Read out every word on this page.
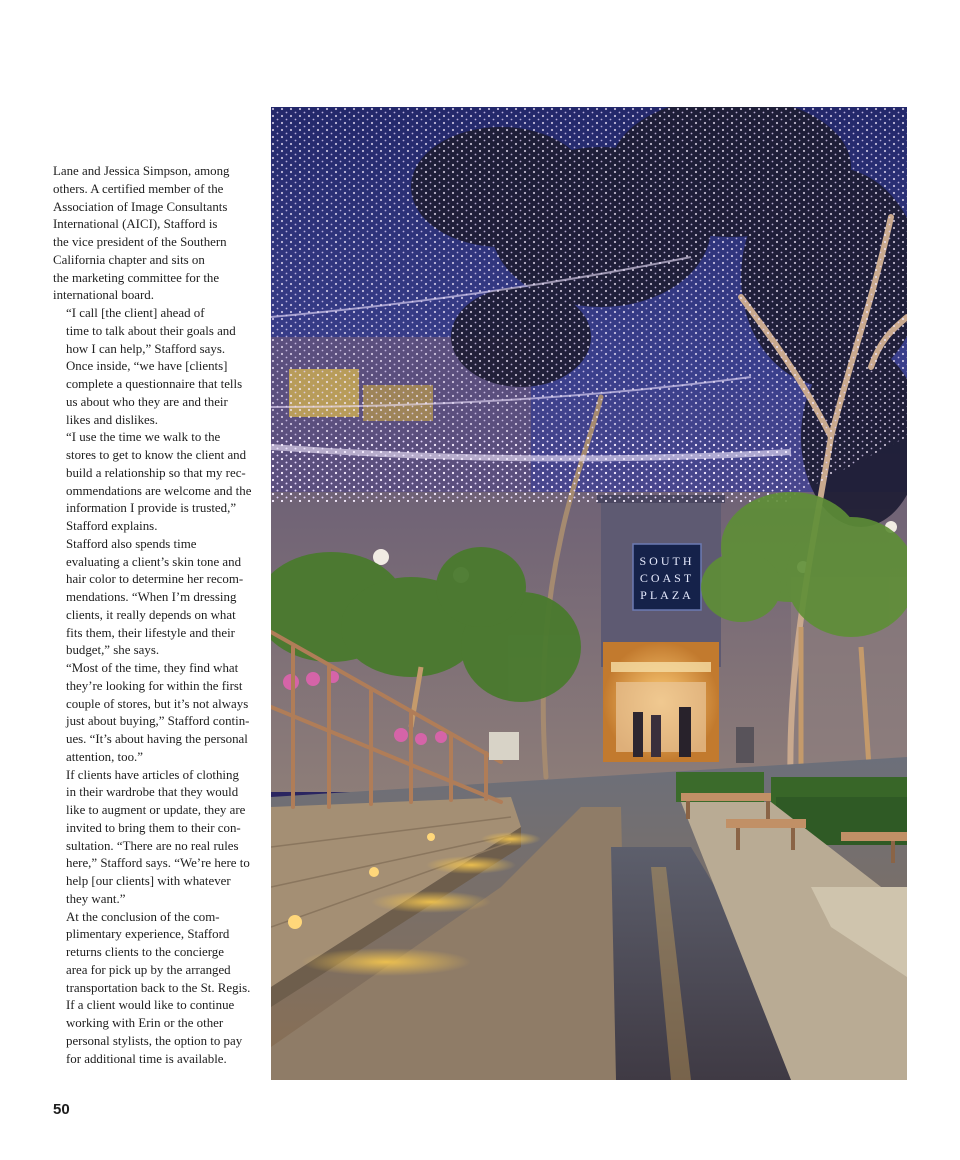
Lane and Jessica Simpson, among
others. A certified member of the
Association of Image Consultants
International (AICI), Stafford is
the vice president of the Southern
California chapter and sits on
the marketing committee for the
international board.

“I call [the client] ahead of
time to talk about their goals and
how I can help,” Stafford says.
Once inside, “we have [clients]
complete a questionnaire that tells
us about who they are and their
likes and dislikes.

“I use the time we walk to the
stores to get to know the client and
build a relationship so that my rec-
ommendations are welcome and the
information I provide is trusted,”
Stafford explains.

Stafford also spends time
evaluating a client’s skin tone and
hair color to determine her recom-
mendations. “When I’m dressing
clients, it really depends on what
fits them, their lifestyle and their
budget,” she says.

“Most of the time, they find what
they’re looking for within the first
couple of stores, but it’s not always
just about buying,” Stafford contin-
ues. “It’s about having the personal
attention, too.”

If clients have articles of clothing
in their wardrobe that they would
like to augment or update, they are
invited to bring them to their con-
sultation. “There are no real rules
here,” Stafford says. “We’re here to
help [our clients] with whatever
they want.”

At the conclusion of the com-
plimentary experience, Stafford
returns clients to the concierge
area for pick up by the arranged
transportation back to the St. Regis.
If a client would like to continue
working with Erin or the other
personal stylists, the option to pay
for additional time is available.

50
SOUTH
COAST
PLAZA
